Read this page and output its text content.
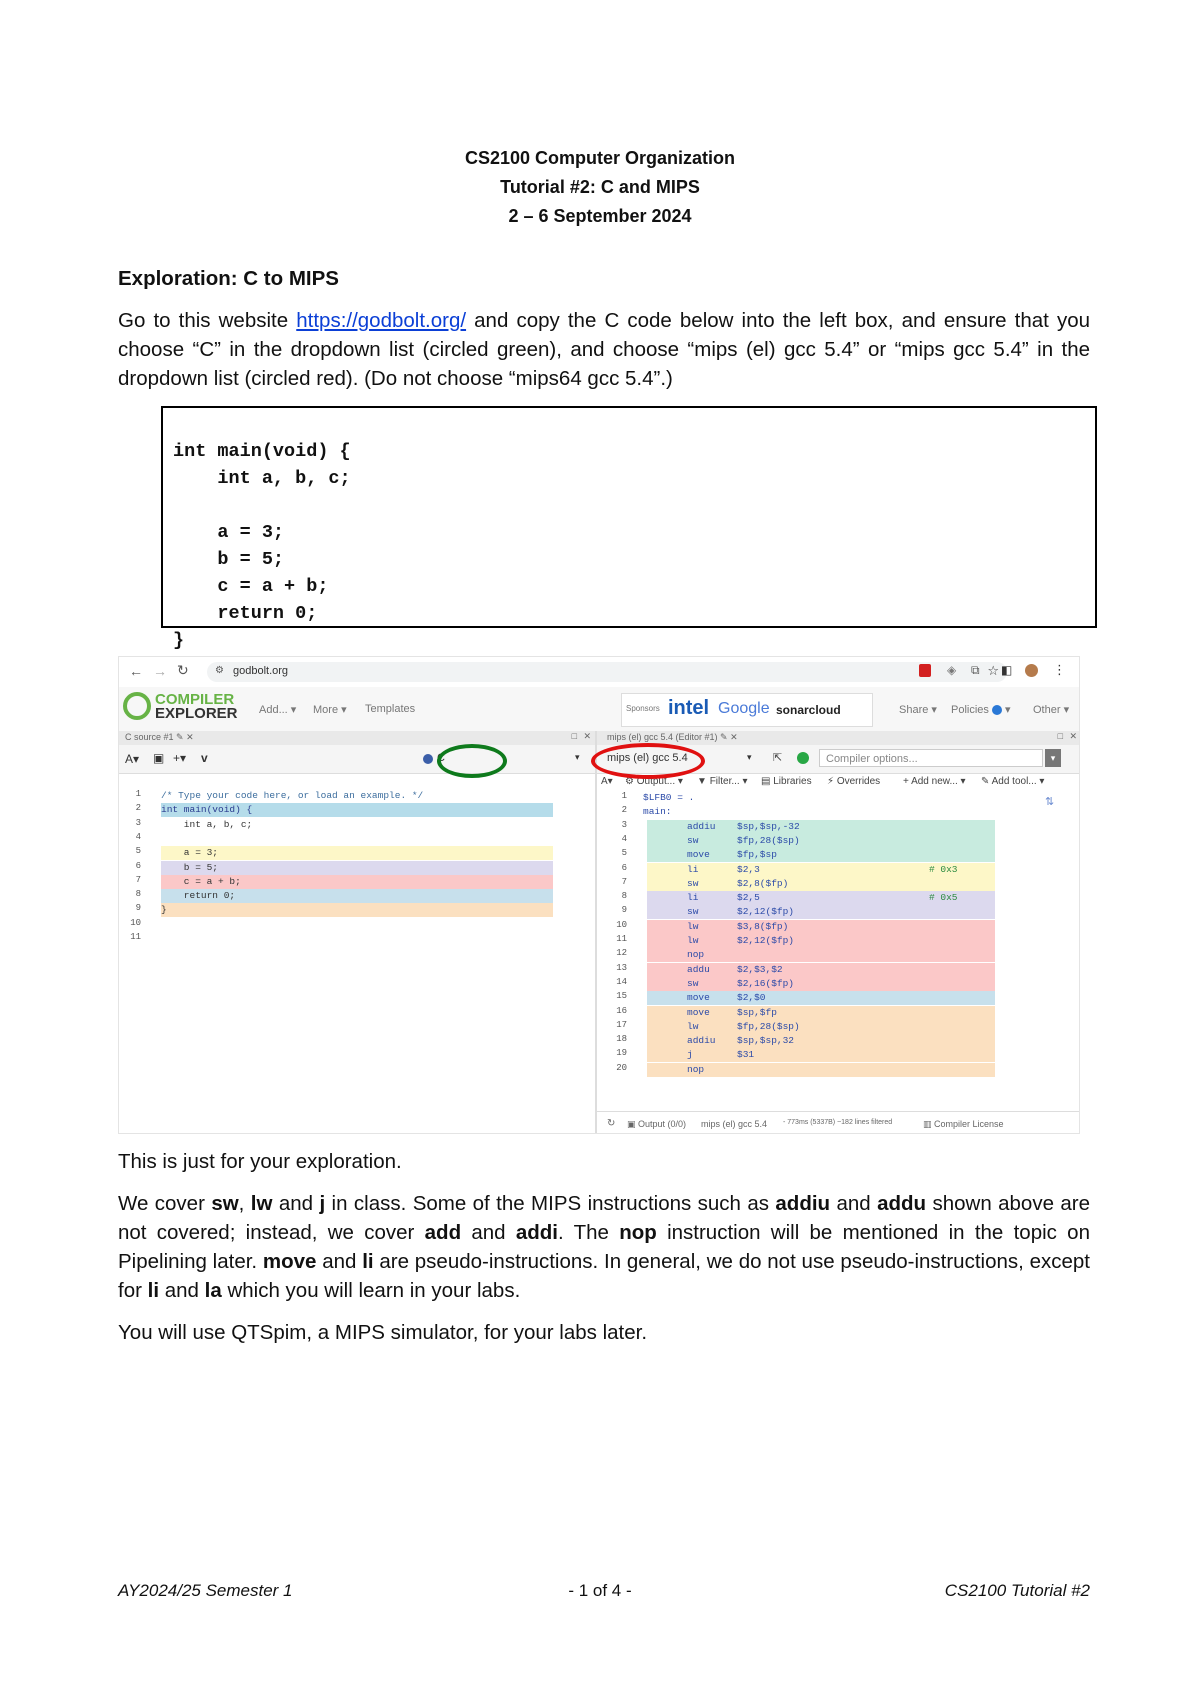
CS2100 Computer Organization
Tutorial #2: C and MIPS
2 – 6 September 2024
Exploration: C to MIPS
Go to this website https://godbolt.org/ and copy the C code below into the left box, and ensure that you choose “C” in the dropdown list (circled green), and choose “mips (el) gcc 5.4” or “mips gcc 5.4” in the dropdown list (circled red). (Do not choose “mips64 gcc 5.4”.)

int main(void) {
int a, b, c;
a = 3;
b = 5;
c = a + b;
return 0;
}

← → ↻	⚙ godbolt.org	☆
◈ ⧉ ◧	⋮
COMPILER
EXPLORER Add... ▾ More ▾ Templates	Sponsors intel Google sonarcloud	Share ▾ Policies  ▾ Other ▾
C source #1 ✎ ✕	□ ✕ mips (el) gcc 5.4 (Editor #1) ✎ ✕	□ ✕
A▾ ▣ +▾ v	C	▾ mips (el) gcc 5.4	▾ ⇱	Compiler options...	▾
A▾ ⚙ Output... ▾ ▼ Filter... ▾ ▤ Libraries ⚡ Overrides + Add new... ▾ ✎ Add tool... ▾
1 /* Type your code here, or load an example. */
2 int main(void) {
3 int a, b, c;
4
5 a = 3;
6 b = 5;
7 c = a + b;
8 return 0;
9 }
10
11
1 $LFB0 = .
2 main:
3	addiu $sp,$sp,-32
4	sw	$fp,28($sp)
5	move	$fp,$sp
6	li	$2,3	# 0x3
7	sw	$2,8($fp)
8	li	$2,5	# 0x5
9	sw	$2,12($fp)
10	lw	$3,8($fp)
11	lw	$2,12($fp)
12	nop
13	addu	$2,$3,$2
14	sw	$2,16($fp)
15	move	$2,$0
16	move	$sp,$fp
17	lw	$fp,28($sp)
18	addiu $sp,$sp,32
19	j	$31
20	nop
⇅
↻ ▣ Output (0/0) mips (el) gcc 5.4 - 773ms (5337B) ~182 lines filtered	▥ Compiler License
This is just for your exploration.
We cover sw, lw and j in class. Some of the MIPS instructions such as addiu and addu shown above are not covered; instead, we cover add and addi. The nop instruction will be mentioned in the topic on Pipelining later. move and li are pseudo-instructions. In general, we do not use pseudo-instructions, except for li and la which you will learn in your labs.
You will use QTSpim, a MIPS simulator, for your labs later.
AY2024/25 Semester 1	- 1 of 4 -	CS2100 Tutorial #2
